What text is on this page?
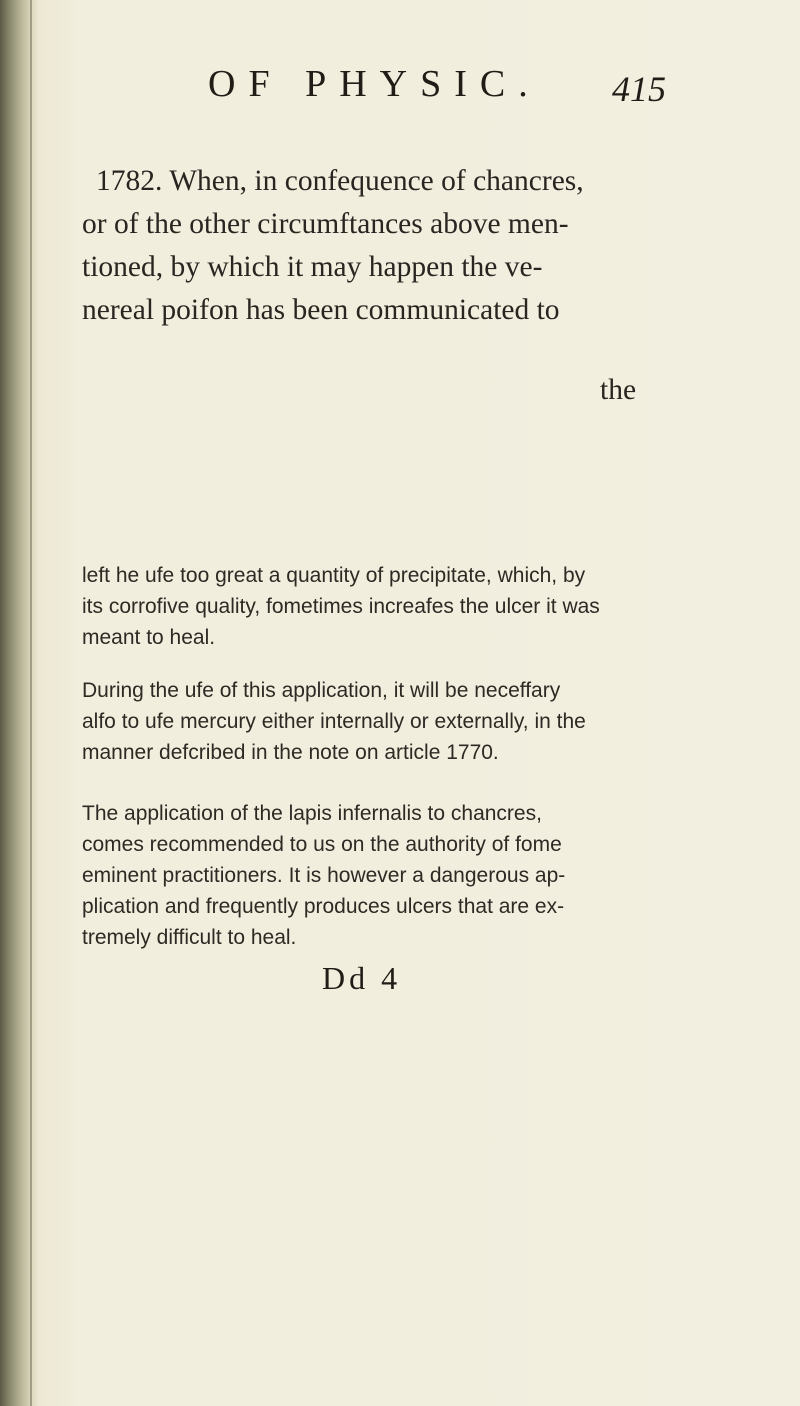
OF PHYSIC. 415
1782. When, in confequence of chancres,
or of the other circumftances above men-
tioned, by which it may happen the ve-
nereal poifon has been communicated to
the
left he ufe too great a quantity of precipitate, which, by
its corrofive quality, fometimes increafes the ulcer it was
meant to heal.
During the ufe of this application, it will be neceffary
alfo to ufe mercury either internally or externally, in the
manner defcribed in the note on article 1770.
The application of the lapis infernalis to chancres,
comes recommended to us on the authority of fome
eminent practitioners. It is however a dangerous ap-
plication and frequently produces ulcers that are ex-
tremely difficult to heal.
Dd 4
